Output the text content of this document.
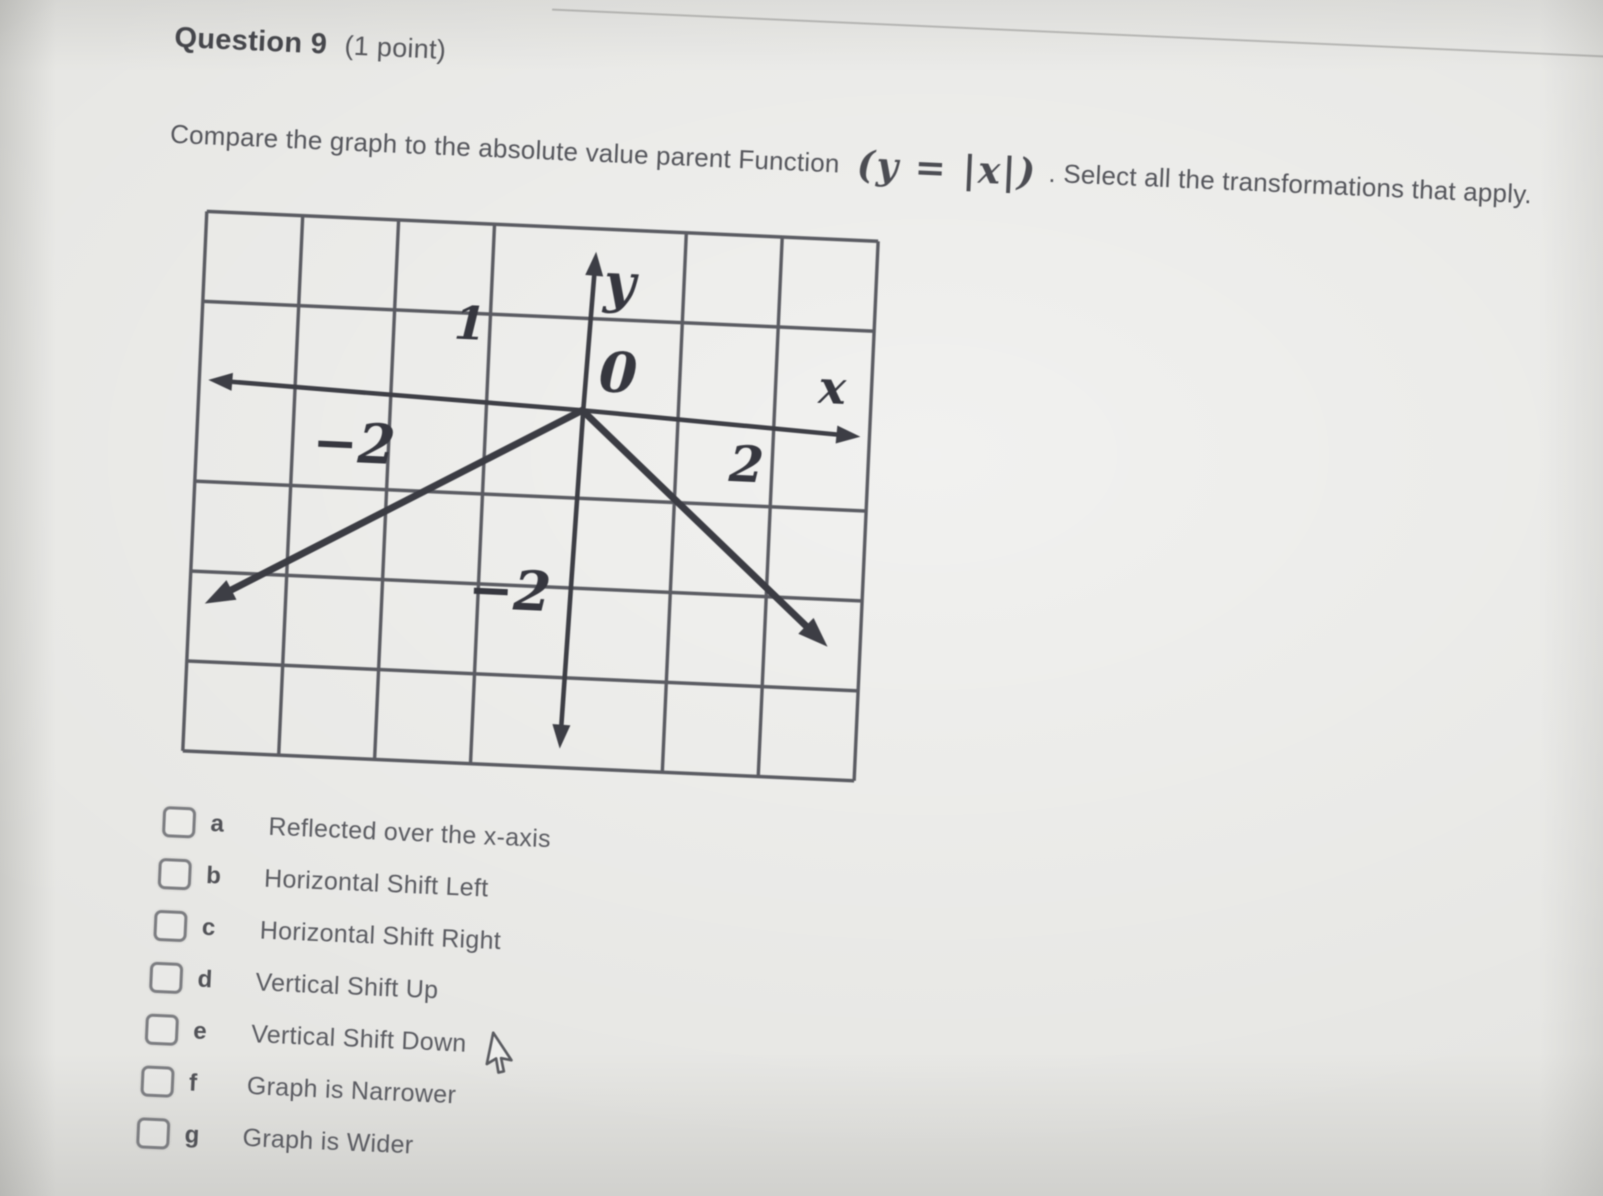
Question 9 (1 point)
Compare the graph to the absolute value parent Function (y = |x|) . Select all the transformations that apply.
y
1
0	x
−2	2
−2
a Reflected over the x-axis
b Horizontal Shift Left
c Horizontal Shift Right
d Vertical Shift Up
e Vertical Shift Down
f Graph is Narrower
g Graph is Wider
